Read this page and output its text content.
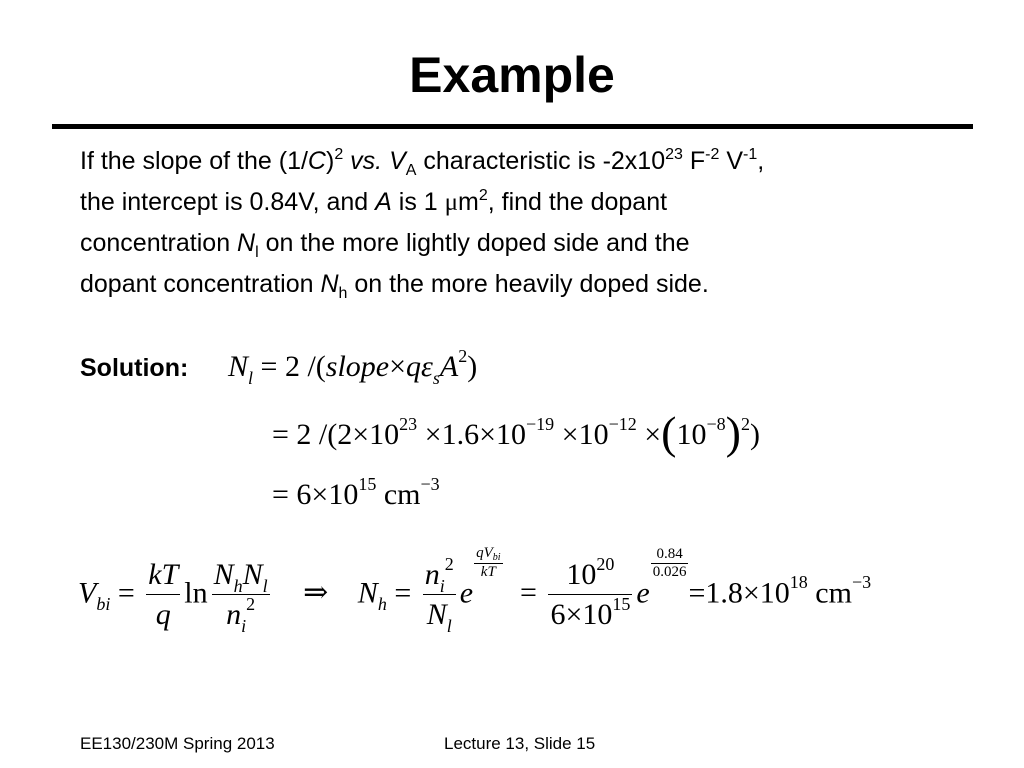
Example
If the slope of the $(1/C)^2$ vs. $V_A$ characteristic is $-2x10^{23}$ $F^{-2}$ $V^{-1}$,
the intercept is 0.84V, and A is 1 $\mu m^2$, find the dopant
concentration $N_l$ on the more lightly doped side and the
dopant concentration $N_h$ on the more heavily doped side.
Solution: $N_l = 2$ $/(slope\times q\varepsilon_sA^2)$
= 2 $/(2\times 10^{23} \times 1.6\times 10^{-19} \times 10^{-12} \times(10^{-8})^2)$
= $6\times 10^{15}$ $cm^{-3}$
$V_{bi} = \frac{kT}{q}$ $\ln \frac{N_hN_l}{n_i^2}$ ⇒ $N_h = \frac{n_i^2}{N_l}$ e
$qV_{bi}$
kT
= $\frac{10^{20}}{6\times 10^{15}}$ e
$\frac{0.84}{0.026}$
$=1.8\times 10^{18}$ $cm^{-3}$
EE130/230M Spring 2013	Lecture 13, Slide 15
